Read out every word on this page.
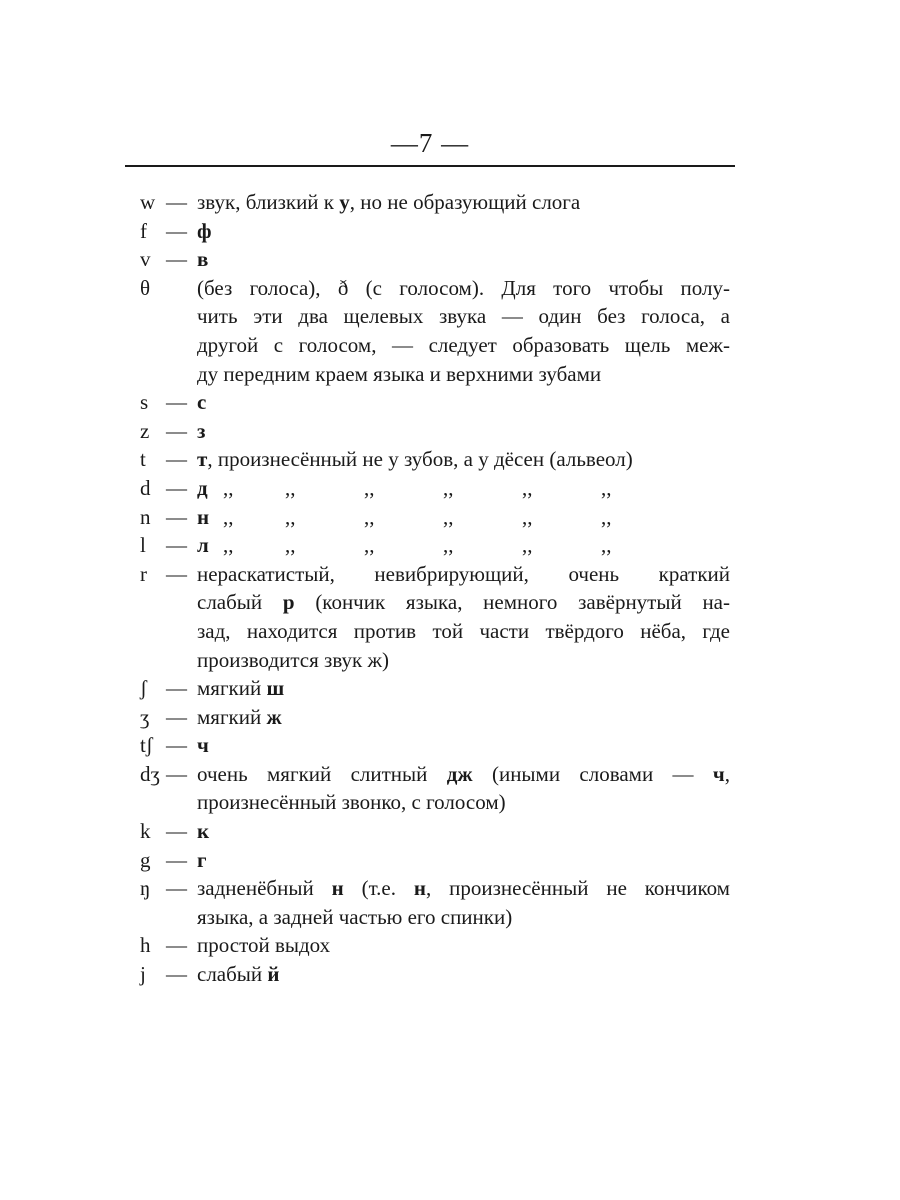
—7 —
w — звук, близкий к у, но не образующий слога
f — ф
v — в
θ	(без голоса), ð (с голосом). Для того чтобы полу-
чить эти два щелевых звука — один без голоса, а
другой с голосом, — следует образовать щель меж-
ду передним краем языка и верхними зубами
s — с
z — з
t — т, произнесённый не у зубов, а у дёсен (альвеол)
d — д ,,	,,	,,	,,	,,	,,
n — н ,,	,,	,,	,,	,,	,,
l — л ,,	,,	,,	,,	,,	,,
r — нераскатистый, невибрирующий, очень краткий
слабый р (кончик языка, немного завёрнутый на-
зад, находится против той части твёрдого нёба, где
производится звук ж)
ʃ — мягкий ш
ʒ — мягкий ж
tʃ — ч
dʒ — очень мягкий слитный дж (иными словами — ч,
произнесённый звонко, с голосом)
k — к
g — г
ŋ — задненёбный н (т.е. н, произнесённый не кончиком
языка, а задней частью его спинки)
h — простой выдох
j — слабый й
